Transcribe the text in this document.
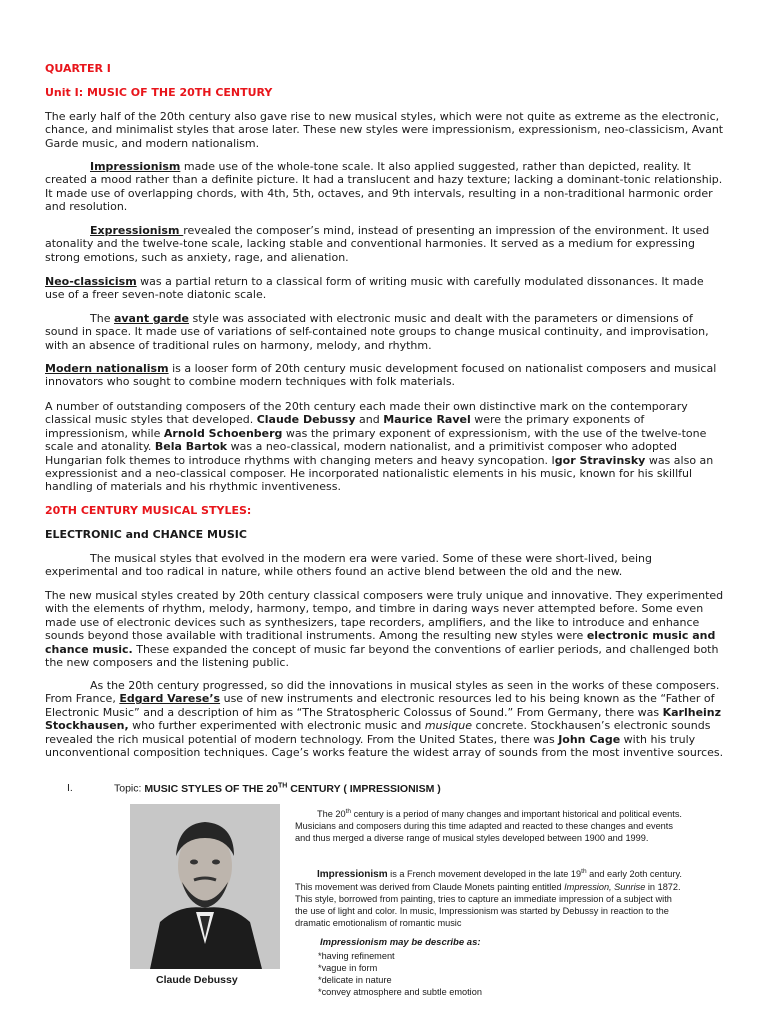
QUARTER I
Unit I: MUSIC OF THE 20TH CENTURY

The early half of the 20th century also gave rise to new musical styles, which were not quite as extreme as the electronic, chance, and minimalist styles that arose later. These new styles were impressionism, expressionism, neo-classicism, Avant Garde music, and modern nationalism.

Impressionism made use of the whole-tone scale. It also applied suggested, rather than depicted, reality. It created a mood rather than a definite picture. It had a translucent and hazy texture; lacking a dominant-tonic relationship. It made use of overlapping chords, with 4th, 5th, octaves, and 9th intervals, resulting in a non-traditional harmonic order and resolution.

Expressionism revealed the composer’s mind, instead of presenting an impression of the environment. It used atonality and the twelve-tone scale, lacking stable and conventional harmonies. It served as a medium for expressing strong emotions, such as anxiety, rage, and alienation.

Neo-classicism was a partial return to a classical form of writing music with carefully modulated dissonances. It made use of a freer seven-note diatonic scale.

The avant garde style was associated with electronic music and dealt with the parameters or dimensions of sound in space. It made use of variations of self-contained note groups to change musical continuity, and improvisation, with an absence of traditional rules on harmony, melody, and rhythm.

Modern nationalism is a looser form of 20th century music development focused on nationalist composers and musical innovators who sought to combine modern techniques with folk materials.

A number of outstanding composers of the 20th century each made their own distinctive mark on the contemporary classical music styles that developed. Claude Debussy and Maurice Ravel were the primary exponents of impressionism, while Arnold Schoenberg was the primary exponent of expressionism, with the use of the twelve-tone scale and atonality. Bela Bartok was a neo-classical, modern nationalist, and a primitivist composer who adopted Hungarian folk themes to introduce rhythms with changing meters and heavy syncopation. Igor Stravinsky was also an expressionist and a neo-classical composer. He incorporated nationalistic elements in his music, known for his skillful handling of materials and his rhythmic inventiveness.

20TH CENTURY MUSICAL STYLES:
ELECTRONIC and CHANCE MUSIC

The musical styles that evolved in the modern era were varied. Some of these were short-lived, being experimental and too radical in nature, while others found an active blend between the old and the new.

The new musical styles created by 20th century classical composers were truly unique and innovative. They experimented with the elements of rhythm, melody, harmony, tempo, and timbre in daring ways never attempted before. Some even made use of electronic devices such as synthesizers, tape recorders, amplifiers, and the like to introduce and enhance sounds beyond those available with traditional instruments. Among the resulting new styles were electronic music and chance music. These expanded the concept of music far beyond the conventions of earlier periods, and challenged both the new composers and the listening public.

As the 20th century progressed, so did the innovations in musical styles as seen in the works of these composers. From France, Edgard Varese’s use of new instruments and electronic resources led to his being known as the “Father of Electronic Music” and a description of him as “The Stratospheric Colossus of Sound.” From Germany, there was Karlheinz Stockhausen, who further experimented with electronic music and musique concrete. Stockhausen’s electronic sounds revealed the rich musical potential of modern technology. From the United States, there was John Cage with his truly unconventional composition techniques. Cage’s works feature the widest array of sounds from the most inventive sources.

I.	Topic: MUSIC STYLES OF THE 20TH CENTURY ( IMPRESSIONISM )
Claude Debussy

The 20th century is a period of many changes and important historical and political events. Musicians and composers during this time adapted and reacted to these changes and events and thus merged a diverse range of musical styles developed between 1900 and 1999.

Impressionism is a French movement developed in the late 19th and early 2oth century. This movement was derived from Claude Monets painting entitled Impression, Sunrise in 1872. This style, borrowed from painting, tries to capture an immediate impression of a subject with the use of light and color. In music, Impressionism was started by Debussy in reaction to the dramatic emotionalism of romantic music

Impressionism may be describe as:
*having refinement
*vague in form
*delicate in nature
*convey atmosphere and subtle emotion
